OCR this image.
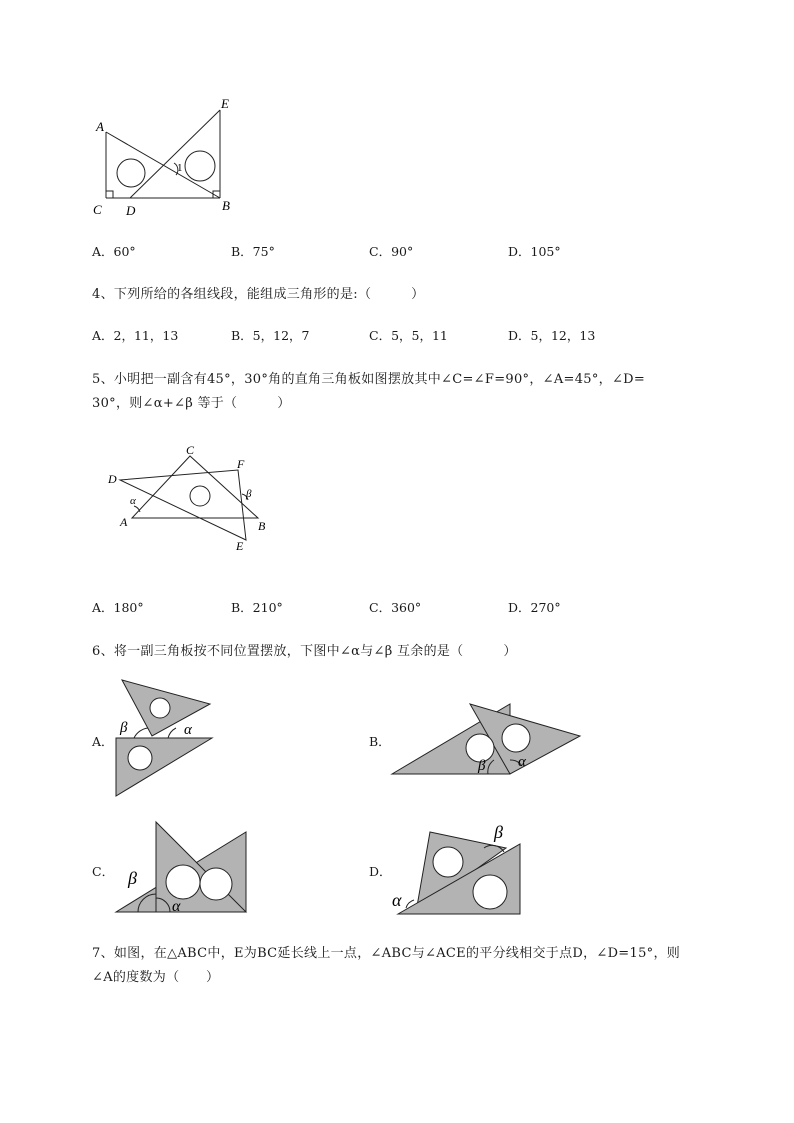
A
C D	B
E
1
A．60°	B．75°	C．90°	D．105°
4、下列所给的各组线段，能组成三角形的是:（　　　）
A．2，11，13	B．5，12，7	C．5，5，11	D．5，12，13
5、小明把一副含有45°，30°角的直角三角板如图摆放其中∠C=∠F=90°，∠A=45°，∠D=
30°，则∠α+∠β 等于（　　　）
C
F
D
A	B
E
α
β
A．180°	B．210°	C．360°	D．270°
6、将一副三角板按不同位置摆放，下图中∠α与∠β 互余的是（　　　）
A．
β	α
B．
β α
C． β
α
D．
α
β
7、如图，在△ABC中，E为BC延长线上一点，∠ABC与∠ACE的平分线相交于点D，∠D=15°，则
∠A的度数为（　　）
